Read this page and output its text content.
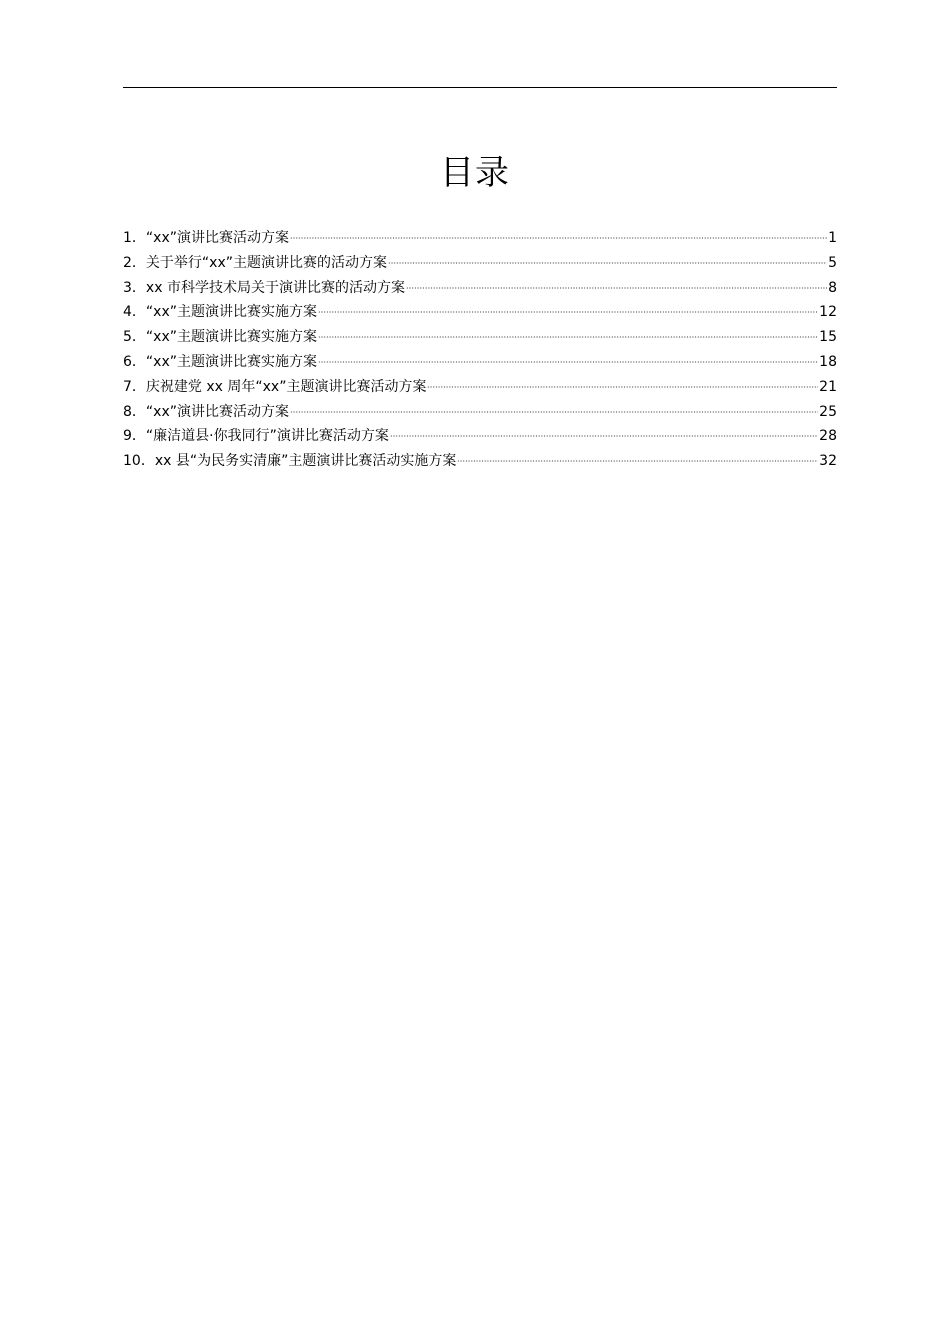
目录
1． “xx”演讲比赛活动方案	1
2． 关于举行“xx”主题演讲比赛的活动方案	5
3． xx 市科学技术局关于演讲比赛的活动方案	8
4． “xx”主题演讲比赛实施方案	12
5． “xx”主题演讲比赛实施方案	15
6． “xx”主题演讲比赛实施方案	18
7． 庆祝建党 xx 周年“xx”主题演讲比赛活动方案	21
8． “xx”演讲比赛活动方案	25
9． “廉洁道县·你我同行”演讲比赛活动方案	28
10． xx 县“为民务实清廉”主题演讲比赛活动实施方案	32
